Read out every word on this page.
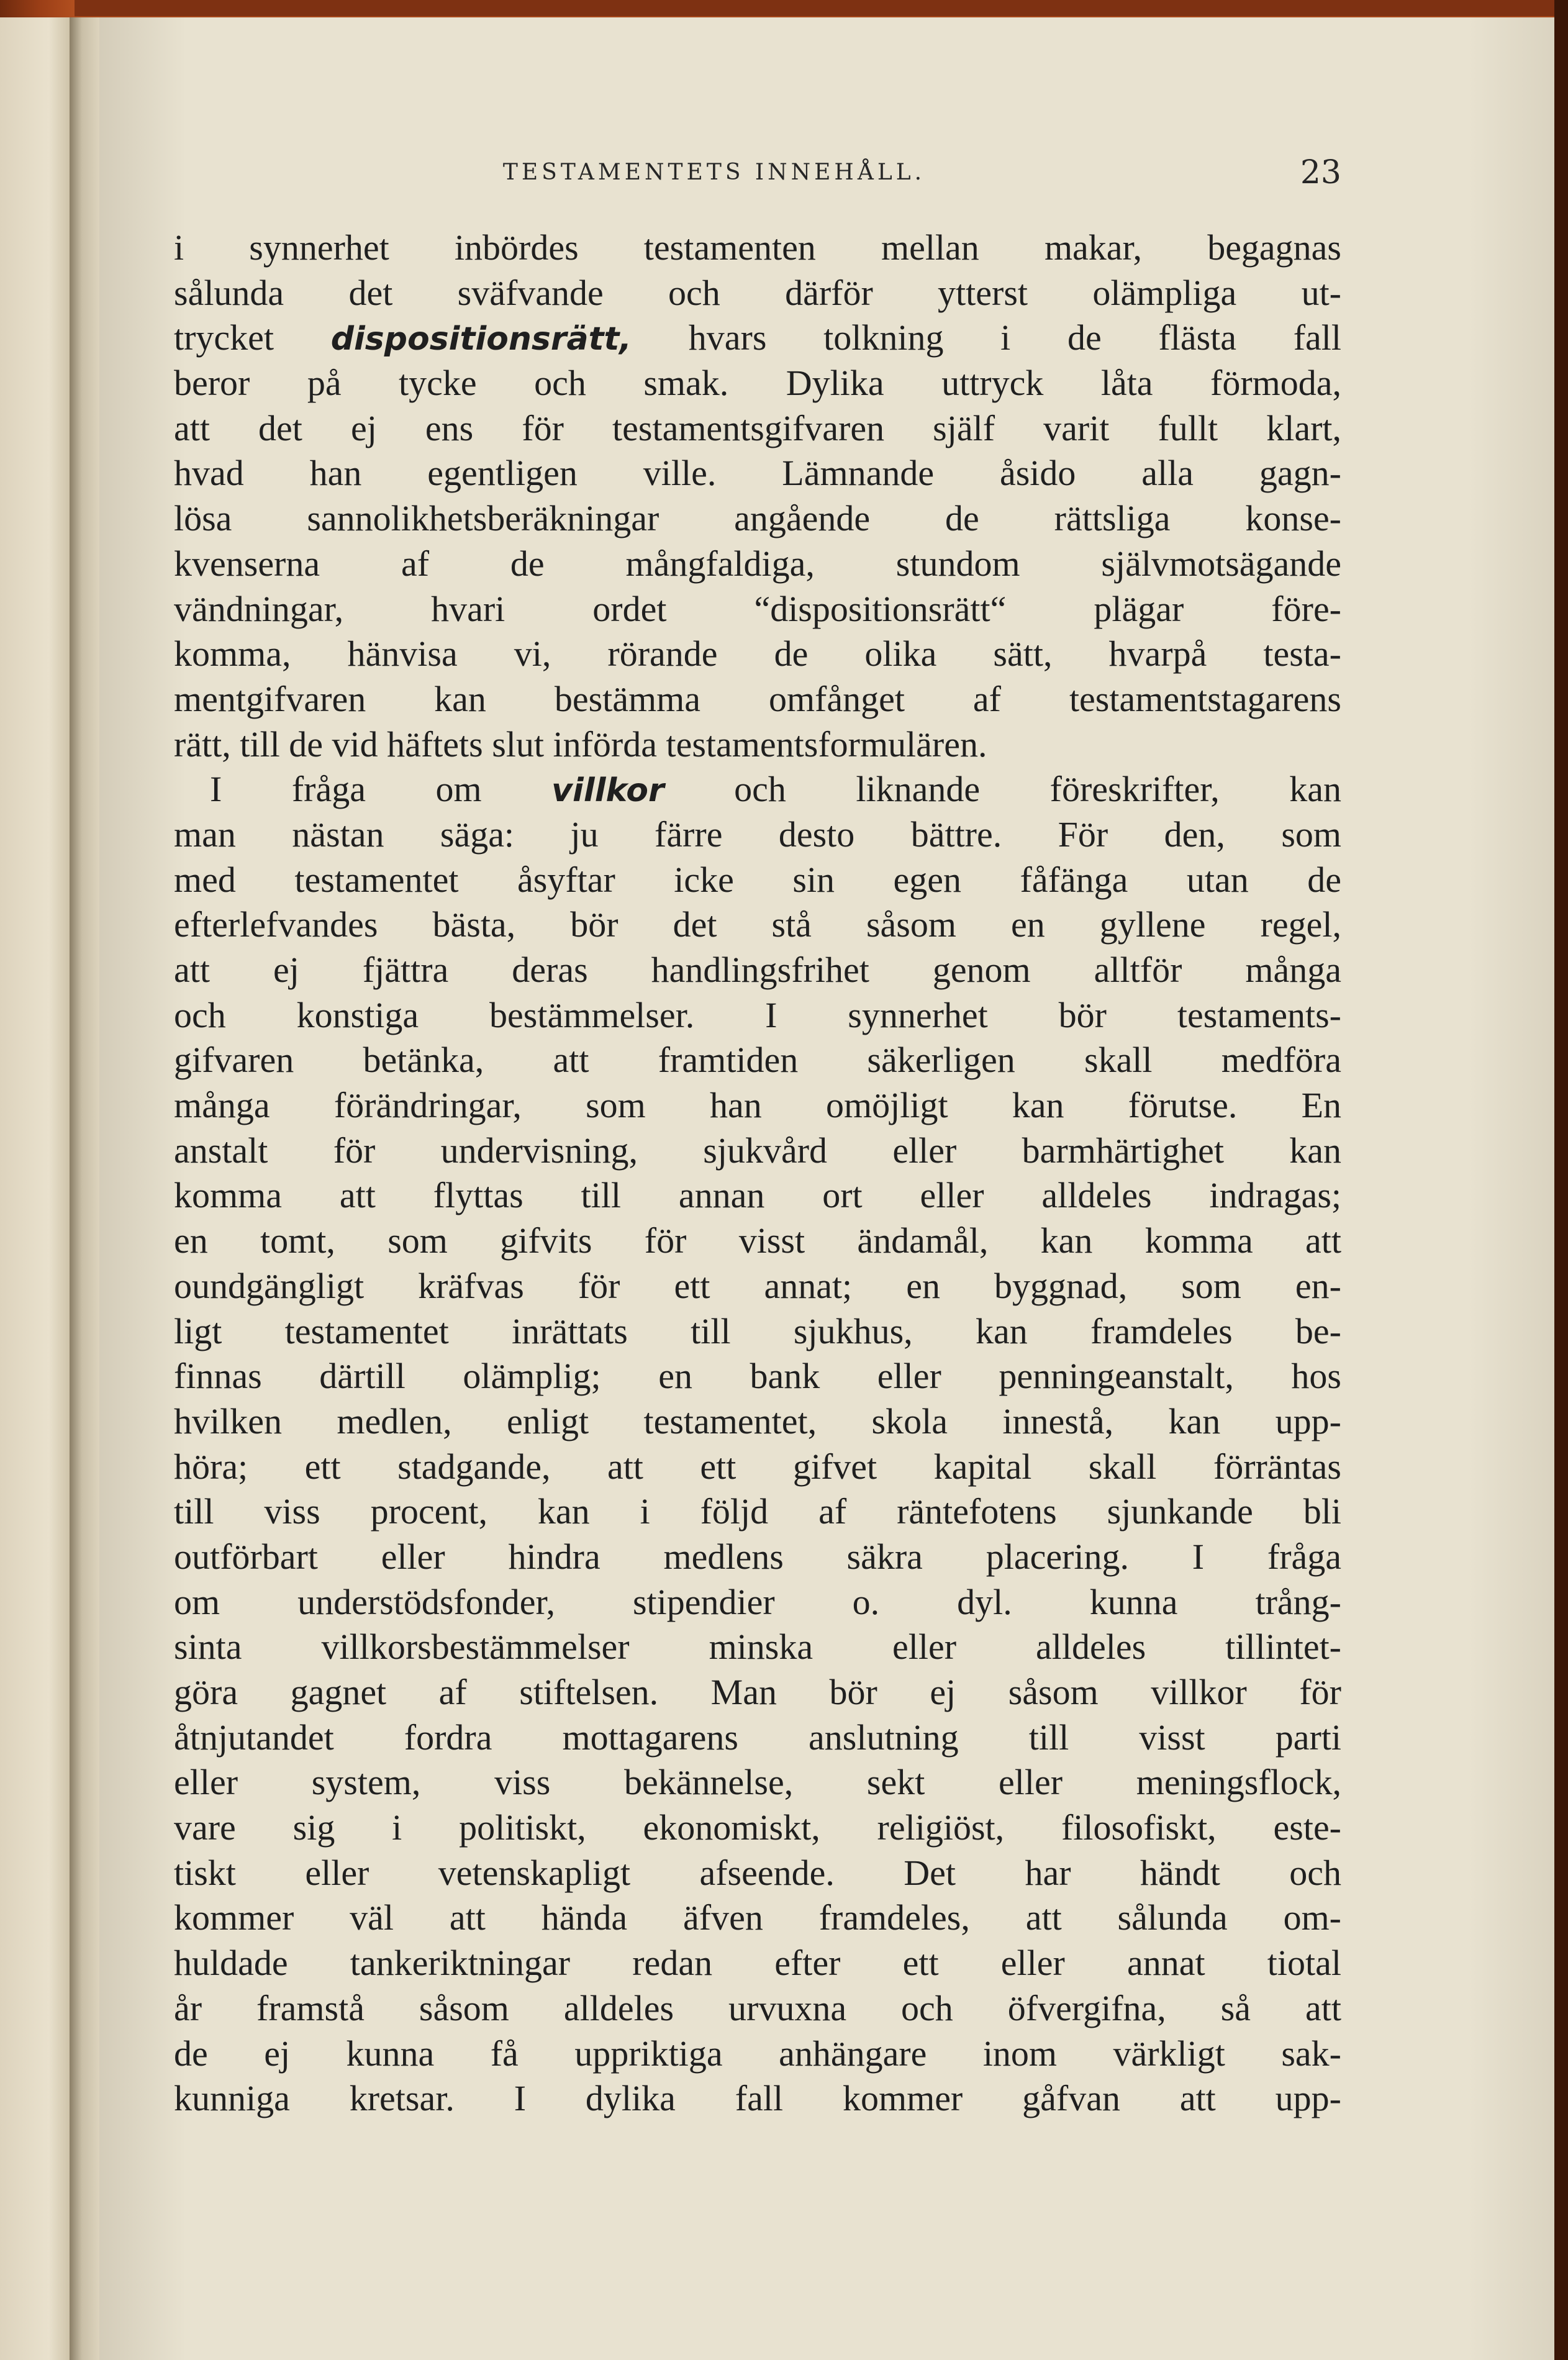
TESTAMENTETS INNEHÅLL.	23
i synnerhet inbördes testamenten mellan makar, begagnas
sålunda det sväfvande och därför ytterst olämpliga ut-
trycket dispositionsrätt, hvars tolkning i de flästa fall
beror på tycke och smak. Dylika uttryck låta förmoda,
att det ej ens för testamentsgifvaren själf varit fullt klart,
hvad han egentligen ville. Lämnande åsido alla gagn-
lösa sannolikhetsberäkningar angående de rättsliga konse-
kvenserna af de mångfaldiga, stundom självmotsägande
vändningar, hvari ordet “dispositionsrätt“ plägar före-
komma, hänvisa vi, rörande de olika sätt, hvarpå testa-
mentgifvaren kan bestämma omfånget af testamentstagarens
rätt, till de vid häftets slut införda testamentsformulären.
 I fråga om villkor och liknande föreskrifter, kan
man nästan säga: ju färre desto bättre. För den, som
med testamentet åsyftar icke sin egen fåfänga utan de
efterlefvandes bästa, bör det stå såsom en gyllene regel,
att ej fjättra deras handlingsfrihet genom alltför många
och konstiga bestämmelser. I synnerhet bör testaments-
gifvaren betänka, att framtiden säkerligen skall medföra
många förändringar, som han omöjligt kan förutse. En
anstalt för undervisning, sjukvård eller barmhärtighet kan
komma att flyttas till annan ort eller alldeles indragas;
en tomt, som gifvits för visst ändamål, kan komma att
oundgängligt kräfvas för ett annat; en byggnad, som en-
ligt testamentet inrättats till sjukhus, kan framdeles be-
finnas därtill olämplig; en bank eller penningeanstalt, hos
hvilken medlen, enligt testamentet, skola innestå, kan upp-
höra; ett stadgande, att ett gifvet kapital skall förräntas
till viss procent, kan i följd af räntefotens sjunkande bli
outförbart eller hindra medlens säkra placering. I fråga
om understödsfonder, stipendier o. dyl. kunna trång-
sinta villkorsbestämmelser minska eller alldeles tillintet-
göra gagnet af stiftelsen. Man bör ej såsom villkor för
åtnjutandet fordra mottagarens anslutning till visst parti
eller system, viss bekännelse, sekt eller meningsflock,
vare sig i politiskt, ekonomiskt, religiöst, filosofiskt, este-
tiskt eller vetenskapligt afseende. Det har händt och
kommer väl att hända äfven framdeles, att sålunda om-
huldade tankeriktningar redan efter ett eller annat tiotal
år framstå såsom alldeles urvuxna och öfvergifna, så att
de ej kunna få uppriktiga anhängare inom värkligt sak-
kunniga kretsar. I dylika fall kommer gåfvan att upp-
